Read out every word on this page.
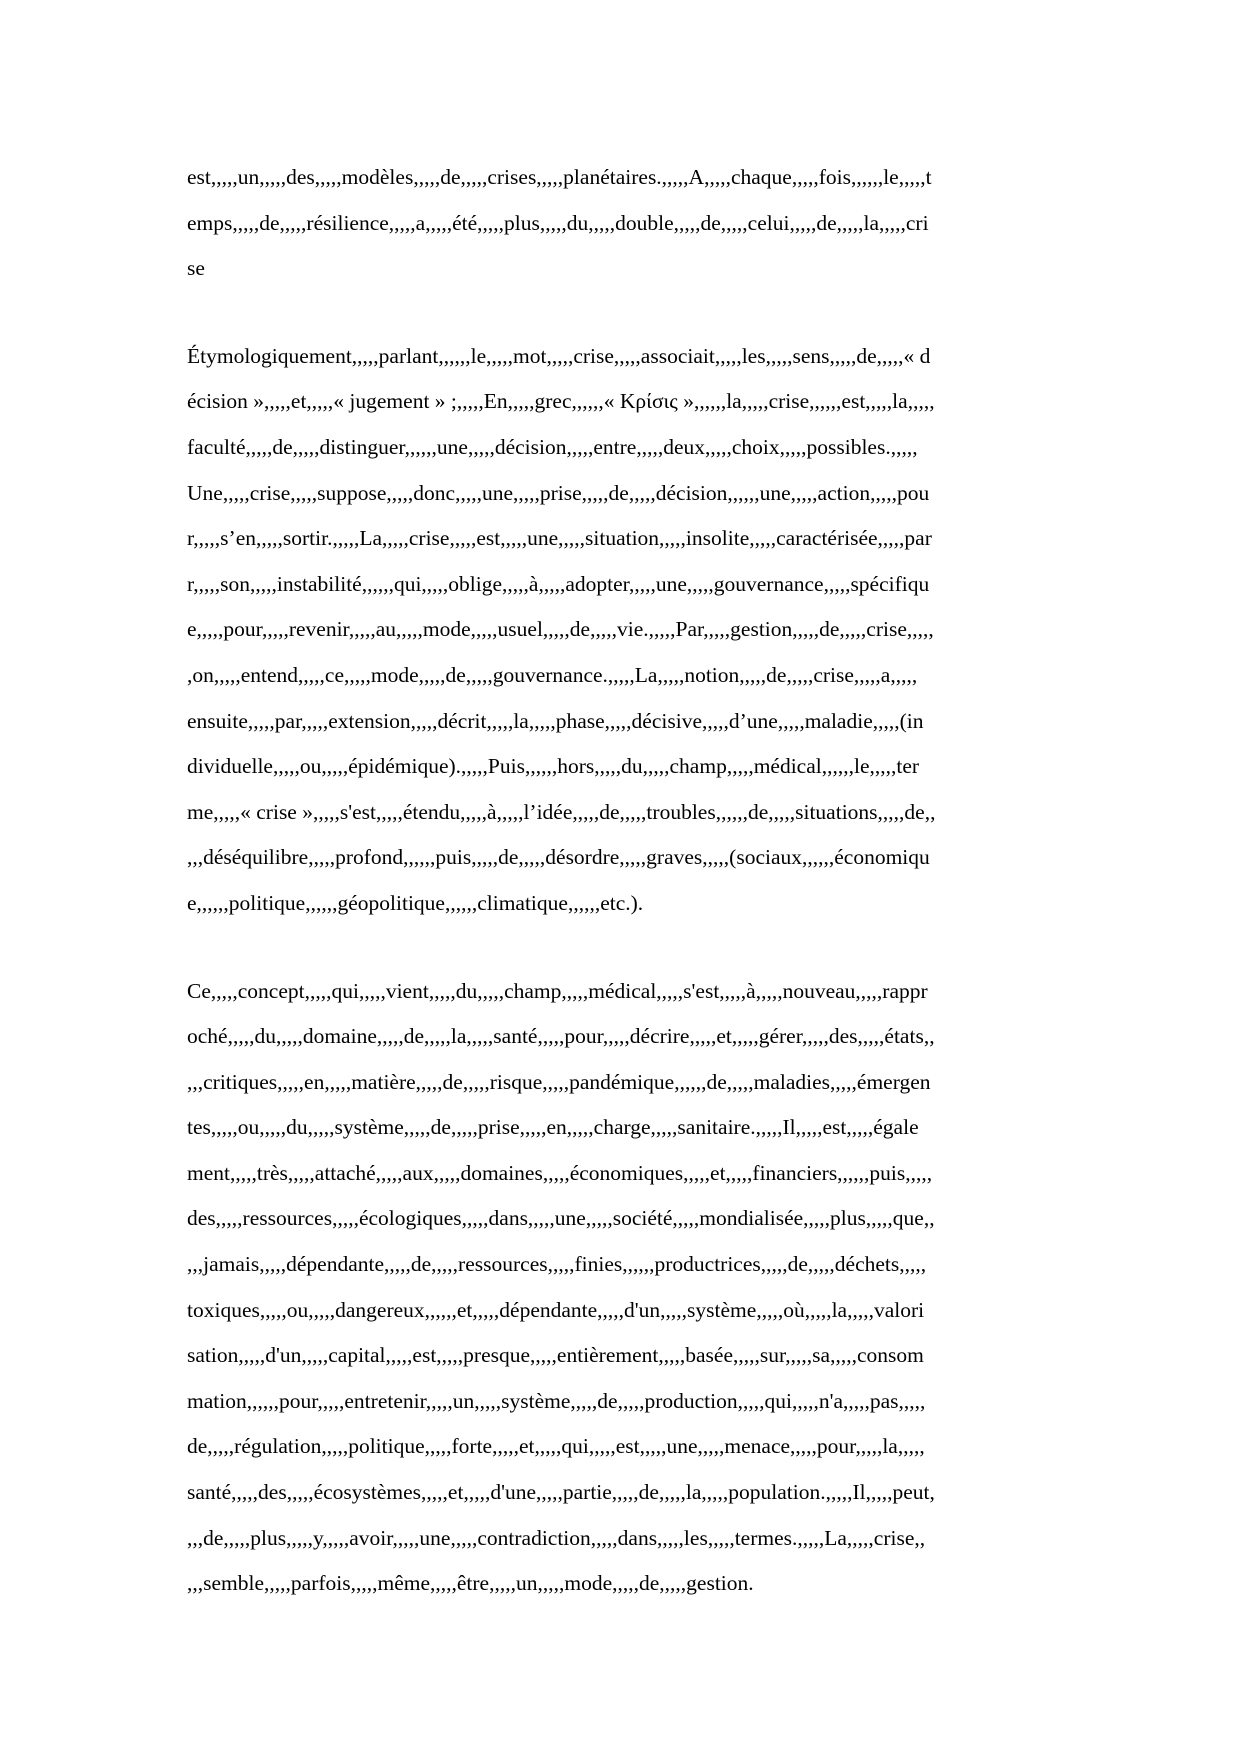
est,,,,,un,,,,,des,,,,,modèles,,,,,de,,,,,crises,,,,,planétaires.,,,,,A,,,,,chaque,,,,,fois,,,,,,le,,,,,t
emps,,,,,de,,,,,résilience,,,,,a,,,,,été,,,,,plus,,,,,du,,,,,double,,,,,de,,,,,celui,,,,,de,,,,,la,,,,,cri
se
Étymologiquement,,,,,parlant,,,,,,le,,,,,mot,,,,,crise,,,,,associait,,,,,les,,,,,sens,,,,,de,,,,,« d
écision »,,,,,et,,,,,« jugement » ;,,,,,En,,,,,grec,,,,,,« Κρίσις »,,,,,,la,,,,,crise,,,,,,est,,,,,la,,,,,
faculté,,,,,de,,,,,distinguer,,,,,,une,,,,,décision,,,,,entre,,,,,deux,,,,,choix,,,,,possibles.,,,,,
Une,,,,,crise,,,,,suppose,,,,,donc,,,,,une,,,,,prise,,,,,de,,,,,décision,,,,,,une,,,,,action,,,,,pou
r,,,,,s’en,,,,,sortir.,,,,,La,,,,,crise,,,,,est,,,,,une,,,,,situation,,,,,insolite,,,,,caractérisée,,,,,par
r,,,,,son,,,,,instabilité,,,,,,qui,,,,,oblige,,,,,à,,,,,adopter,,,,,une,,,,,gouvernance,,,,,spécifiqu
e,,,,,pour,,,,,revenir,,,,,au,,,,,mode,,,,,usuel,,,,,de,,,,,vie.,,,,,Par,,,,,gestion,,,,,de,,,,,crise,,,,,
,on,,,,,entend,,,,,ce,,,,,mode,,,,,de,,,,,gouvernance.,,,,,La,,,,,notion,,,,,de,,,,,crise,,,,,a,,,,,
ensuite,,,,,par,,,,,extension,,,,,décrit,,,,,la,,,,,phase,,,,,décisive,,,,,d’une,,,,,maladie,,,,,(in
dividuelle,,,,,ou,,,,,épidémique).,,,,,Puis,,,,,,hors,,,,,du,,,,,champ,,,,,médical,,,,,,le,,,,,ter
me,,,,,« crise »,,,,,s'est,,,,,étendu,,,,,à,,,,,l’idée,,,,,de,,,,,troubles,,,,,,de,,,,,situations,,,,,de,,
,,,déséquilibre,,,,,profond,,,,,,puis,,,,,de,,,,,désordre,,,,,graves,,,,,(sociaux,,,,,,économiqu
e,,,,,,politique,,,,,,géopolitique,,,,,,climatique,,,,,,etc.).
Ce,,,,,concept,,,,,qui,,,,,vient,,,,,du,,,,,champ,,,,,médical,,,,,s'est,,,,,à,,,,,nouveau,,,,,rappr
oché,,,,,du,,,,,domaine,,,,,de,,,,,la,,,,,santé,,,,,pour,,,,,décrire,,,,,et,,,,,gérer,,,,,des,,,,,états,,
,,,critiques,,,,,en,,,,,matière,,,,,de,,,,,risque,,,,,pandémique,,,,,,de,,,,,maladies,,,,,émergen
tes,,,,,ou,,,,,du,,,,,système,,,,,de,,,,,prise,,,,,en,,,,,charge,,,,,sanitaire.,,,,,Il,,,,,est,,,,,égale
ment,,,,,très,,,,,attaché,,,,,aux,,,,,domaines,,,,,économiques,,,,,et,,,,,financiers,,,,,,puis,,,,,
des,,,,,ressources,,,,,écologiques,,,,,dans,,,,,une,,,,,société,,,,,mondialisée,,,,,plus,,,,,que,,
,,,jamais,,,,,dépendante,,,,,de,,,,,ressources,,,,,finies,,,,,,productrices,,,,,de,,,,,déchets,,,,,
toxiques,,,,,ou,,,,,dangereux,,,,,,et,,,,,dépendante,,,,,d'un,,,,,système,,,,,où,,,,,la,,,,,valori
sation,,,,,d'un,,,,,capital,,,,,est,,,,,presque,,,,,entièrement,,,,,basée,,,,,sur,,,,,sa,,,,,consom
mation,,,,,,pour,,,,,entretenir,,,,,un,,,,,système,,,,,de,,,,,production,,,,,qui,,,,,n'a,,,,,pas,,,,,
de,,,,,régulation,,,,,politique,,,,,forte,,,,,et,,,,,qui,,,,,est,,,,,une,,,,,menace,,,,,pour,,,,,la,,,,,
santé,,,,,des,,,,,écosystèmes,,,,,et,,,,,d'une,,,,,partie,,,,,de,,,,,la,,,,,population.,,,,,Il,,,,,peut,
,,,de,,,,,plus,,,,,y,,,,,avoir,,,,,une,,,,,contradiction,,,,,dans,,,,,les,,,,,termes.,,,,,La,,,,,crise,,
,,,semble,,,,,parfois,,,,,même,,,,,être,,,,,un,,,,,mode,,,,,de,,,,,gestion.
